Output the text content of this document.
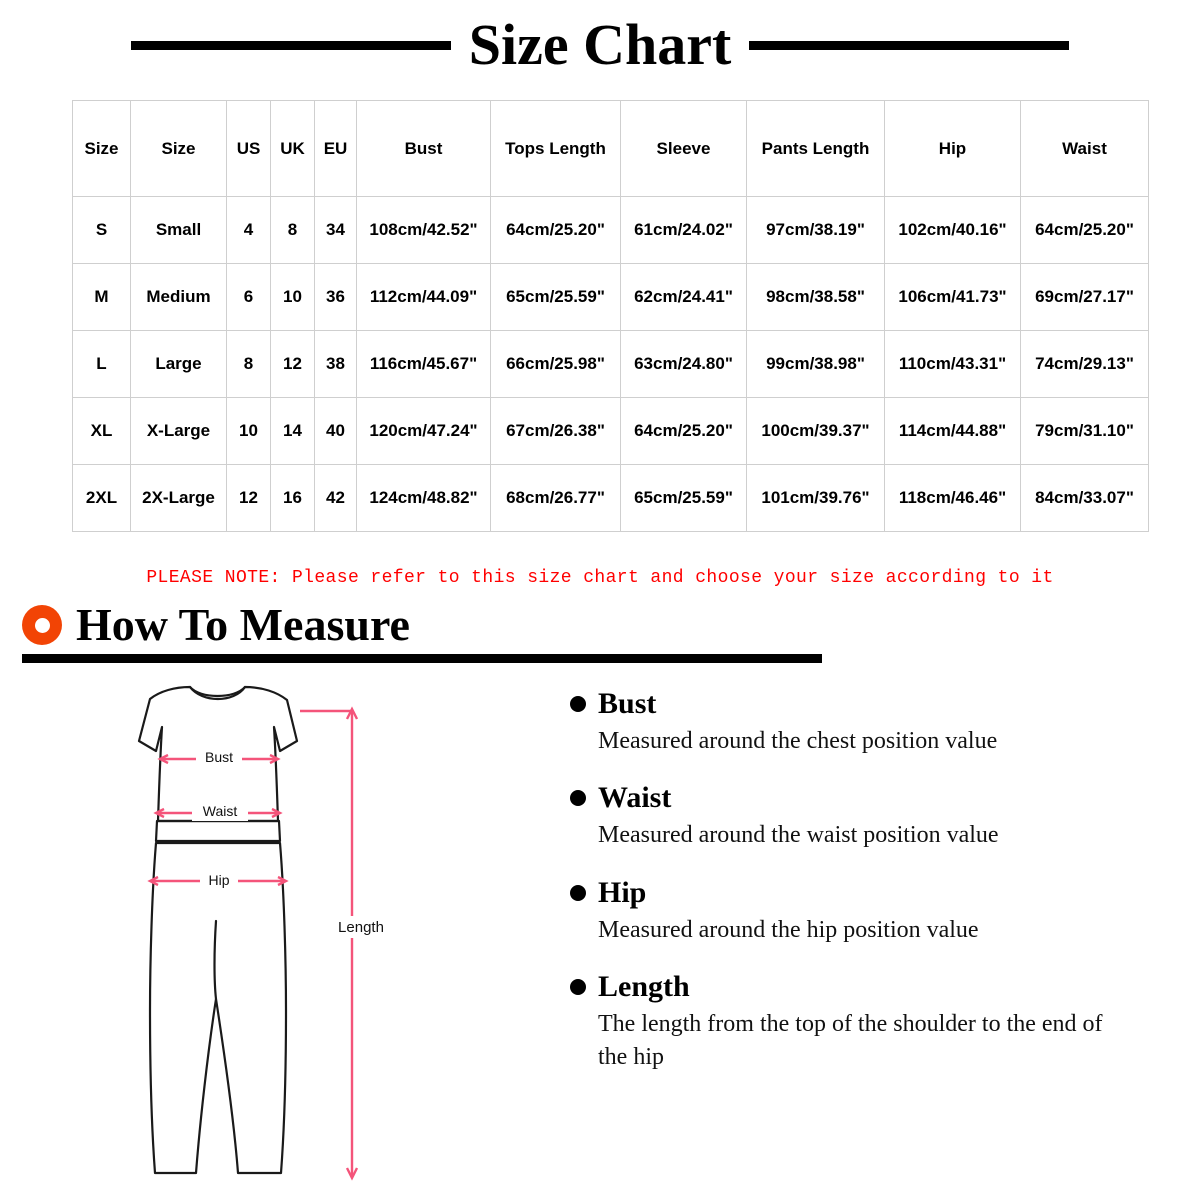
Size Chart
Size	Size	US	UK	EU	Bust	Tops Length	Sleeve	Pants Length	Hip	Waist
S	Small	4	8	34	108cm/42.52"	64cm/25.20"	61cm/24.02"	97cm/38.19"	102cm/40.16"	64cm/25.20"
M	Medium	6	10	36	112cm/44.09"	65cm/25.59"	62cm/24.41"	98cm/38.58"	106cm/41.73"	69cm/27.17"
L	Large	8	12	38	116cm/45.67"	66cm/25.98"	63cm/24.80"	99cm/38.98"	110cm/43.31"	74cm/29.13"
XL	X-Large	10	14	40	120cm/47.24"	67cm/26.38"	64cm/25.20"	100cm/39.37"	114cm/44.88"	79cm/31.10"
2XL	2X-Large	12	16	42	124cm/48.82"	68cm/26.77"	65cm/25.59"	101cm/39.76"	118cm/46.46"	84cm/33.07"
PLEASE NOTE: Please refer to this size chart and choose your size according to it
How To Measure
Bust
Waist
Hip
Length
Bust
Measured around the chest position value
Waist
Measured around the waist position value
Hip
Measured around the hip position value
Length
The length from the top of the shoulder to the end of the hip
